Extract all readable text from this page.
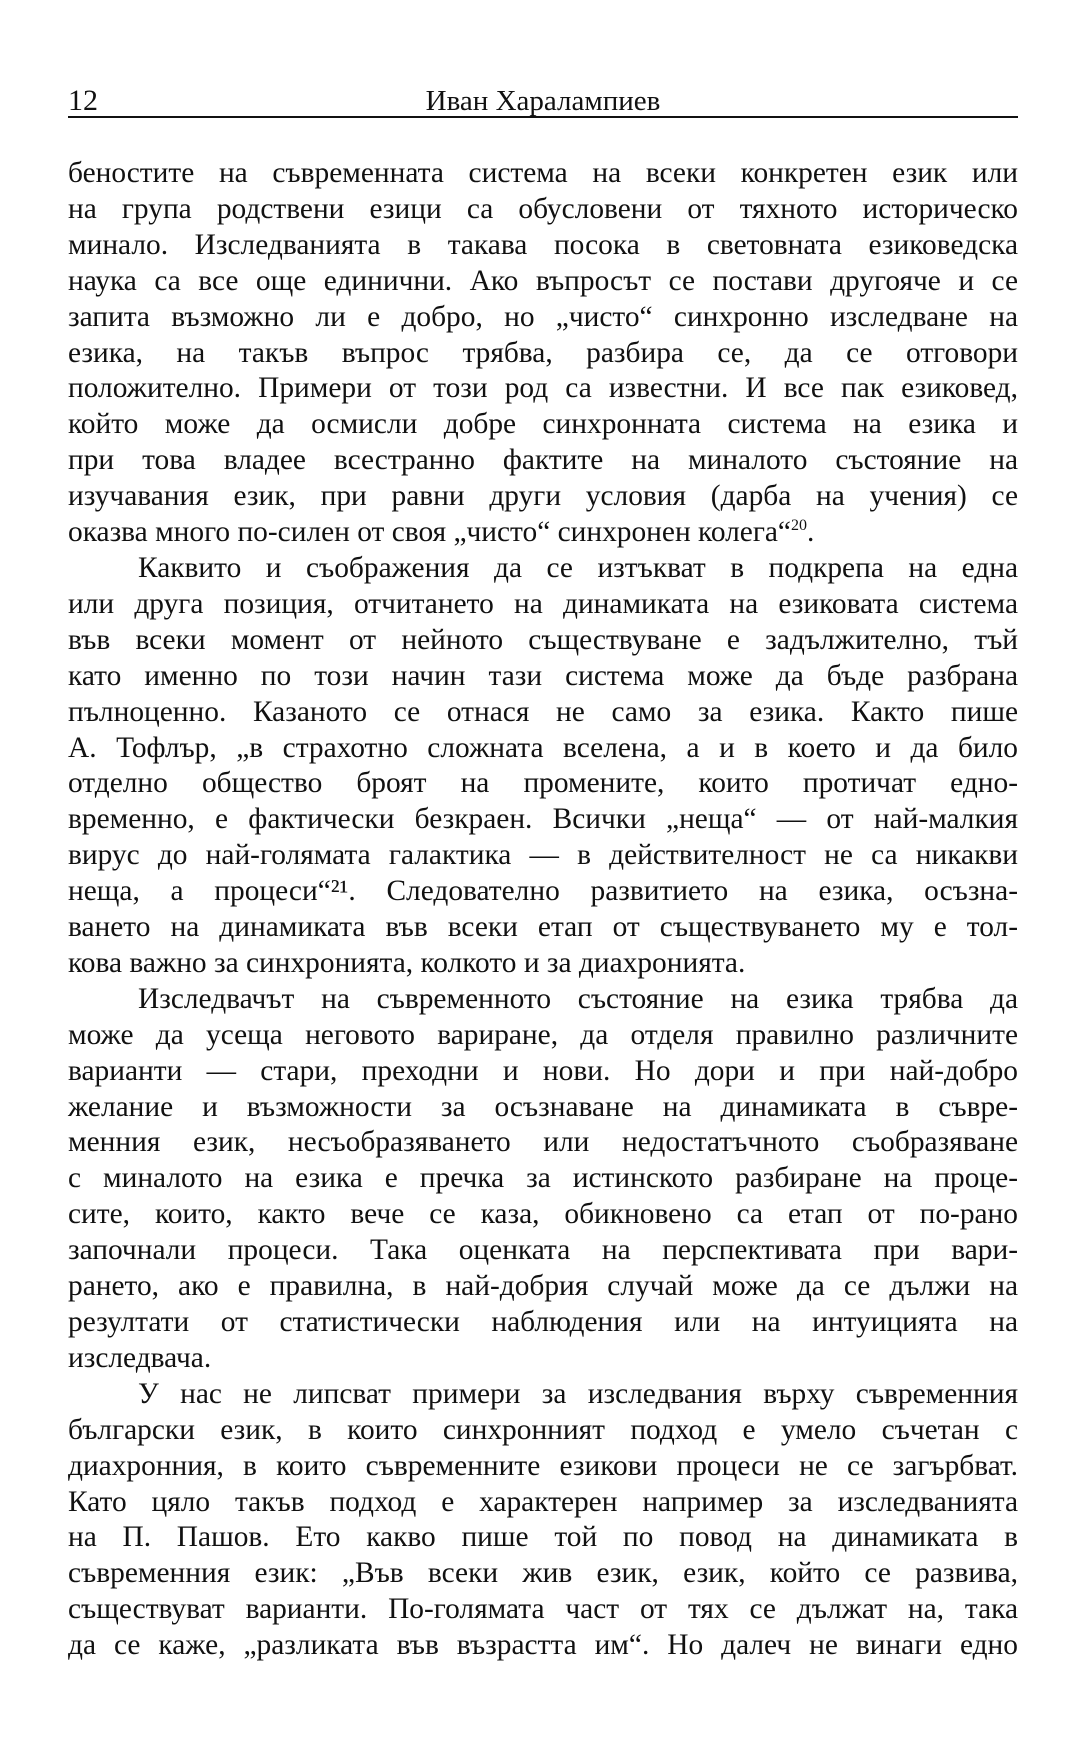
12	Иван Харалампиев

беностите на съвременната система на всеки конкретен език или
на група родствени езици са обусловени от тяхното историческо
минало. Изследванията в такава посока в световната езиковедска
наука са все още единични. Ако въпросът се постави другояче и се
запита възможно ли е добро, но „чисто“ синхронно изследване на
езика, на такъв въпрос трябва, разбира се, да се отговори
положително. Примери от този род са известни. И все пак езиковед,
който може да осмисли добре синхронната система на езика и
при това владее всестранно фактите на миналото състояние на
изучавания език, при равни други условия (дарба на учения) се
оказва много по-силен от своя „чисто“ синхронен колега“$^{20}$.

Каквито и съображения да се изтъкват в подкрепа на една
или друга позиция, отчитането на динамиката на езиковата система
във всеки момент от нейното съществуване е задължително, тъй
като именно по този начин тази система може да бъде разбрана
пълноценно. Казаното се отнася не само за езика. Както пише
А. Тофлър, „в страхотно сложната вселена, а и в което и да било
отделно общество броят на промените, които протичат едно-
временно, е фактически безкраен. Всички „неща“ — от най-малкия
вирус до най-голямата галактика — в действителност не са никакви
неща, а процеси“²¹. Следователно развитието на езика, осъзна-
ването на динамиката във всеки етап от съществуването му е тол-
кова важно за синхронията, колкото и за диахронията.

Изследвачът на съвременното състояние на езика трябва да
може да усеща неговото вариране, да отделя правилно различните
варианти — стари, преходни и нови. Но дори и при най-добро
желание и възможности за осъзнаване на динамиката в съвре-
менния език, несъобразяването или недостатъчното съобразяване
с миналото на езика е пречка за истинското разбиране на проце-
сите, които, както вече се каза, обикновено са етап от по-рано
започнали процеси. Така оценката на перспективата при вари-
рането, ако е правилна, в най-добрия случай може да се дължи на
резултати от статистически наблюдения или на интуицията на
изследвача.

У нас не липсват примери за изследвания върху съвременния
български език, в които синхронният подход е умело съчетан с
диахронния, в които съвременните езикови процеси не се загърбват.
Като цяло такъв подход е характерен например за изследванията
на П. Пашов. Ето какво пише той по повод на динамиката в
съвременния език: „Във всеки жив език, език, който се развива,
съществуват варианти. По-голямата част от тях се дължат на, така
да се каже, „разликата във възрастта им“. Но далеч не винаги едно
